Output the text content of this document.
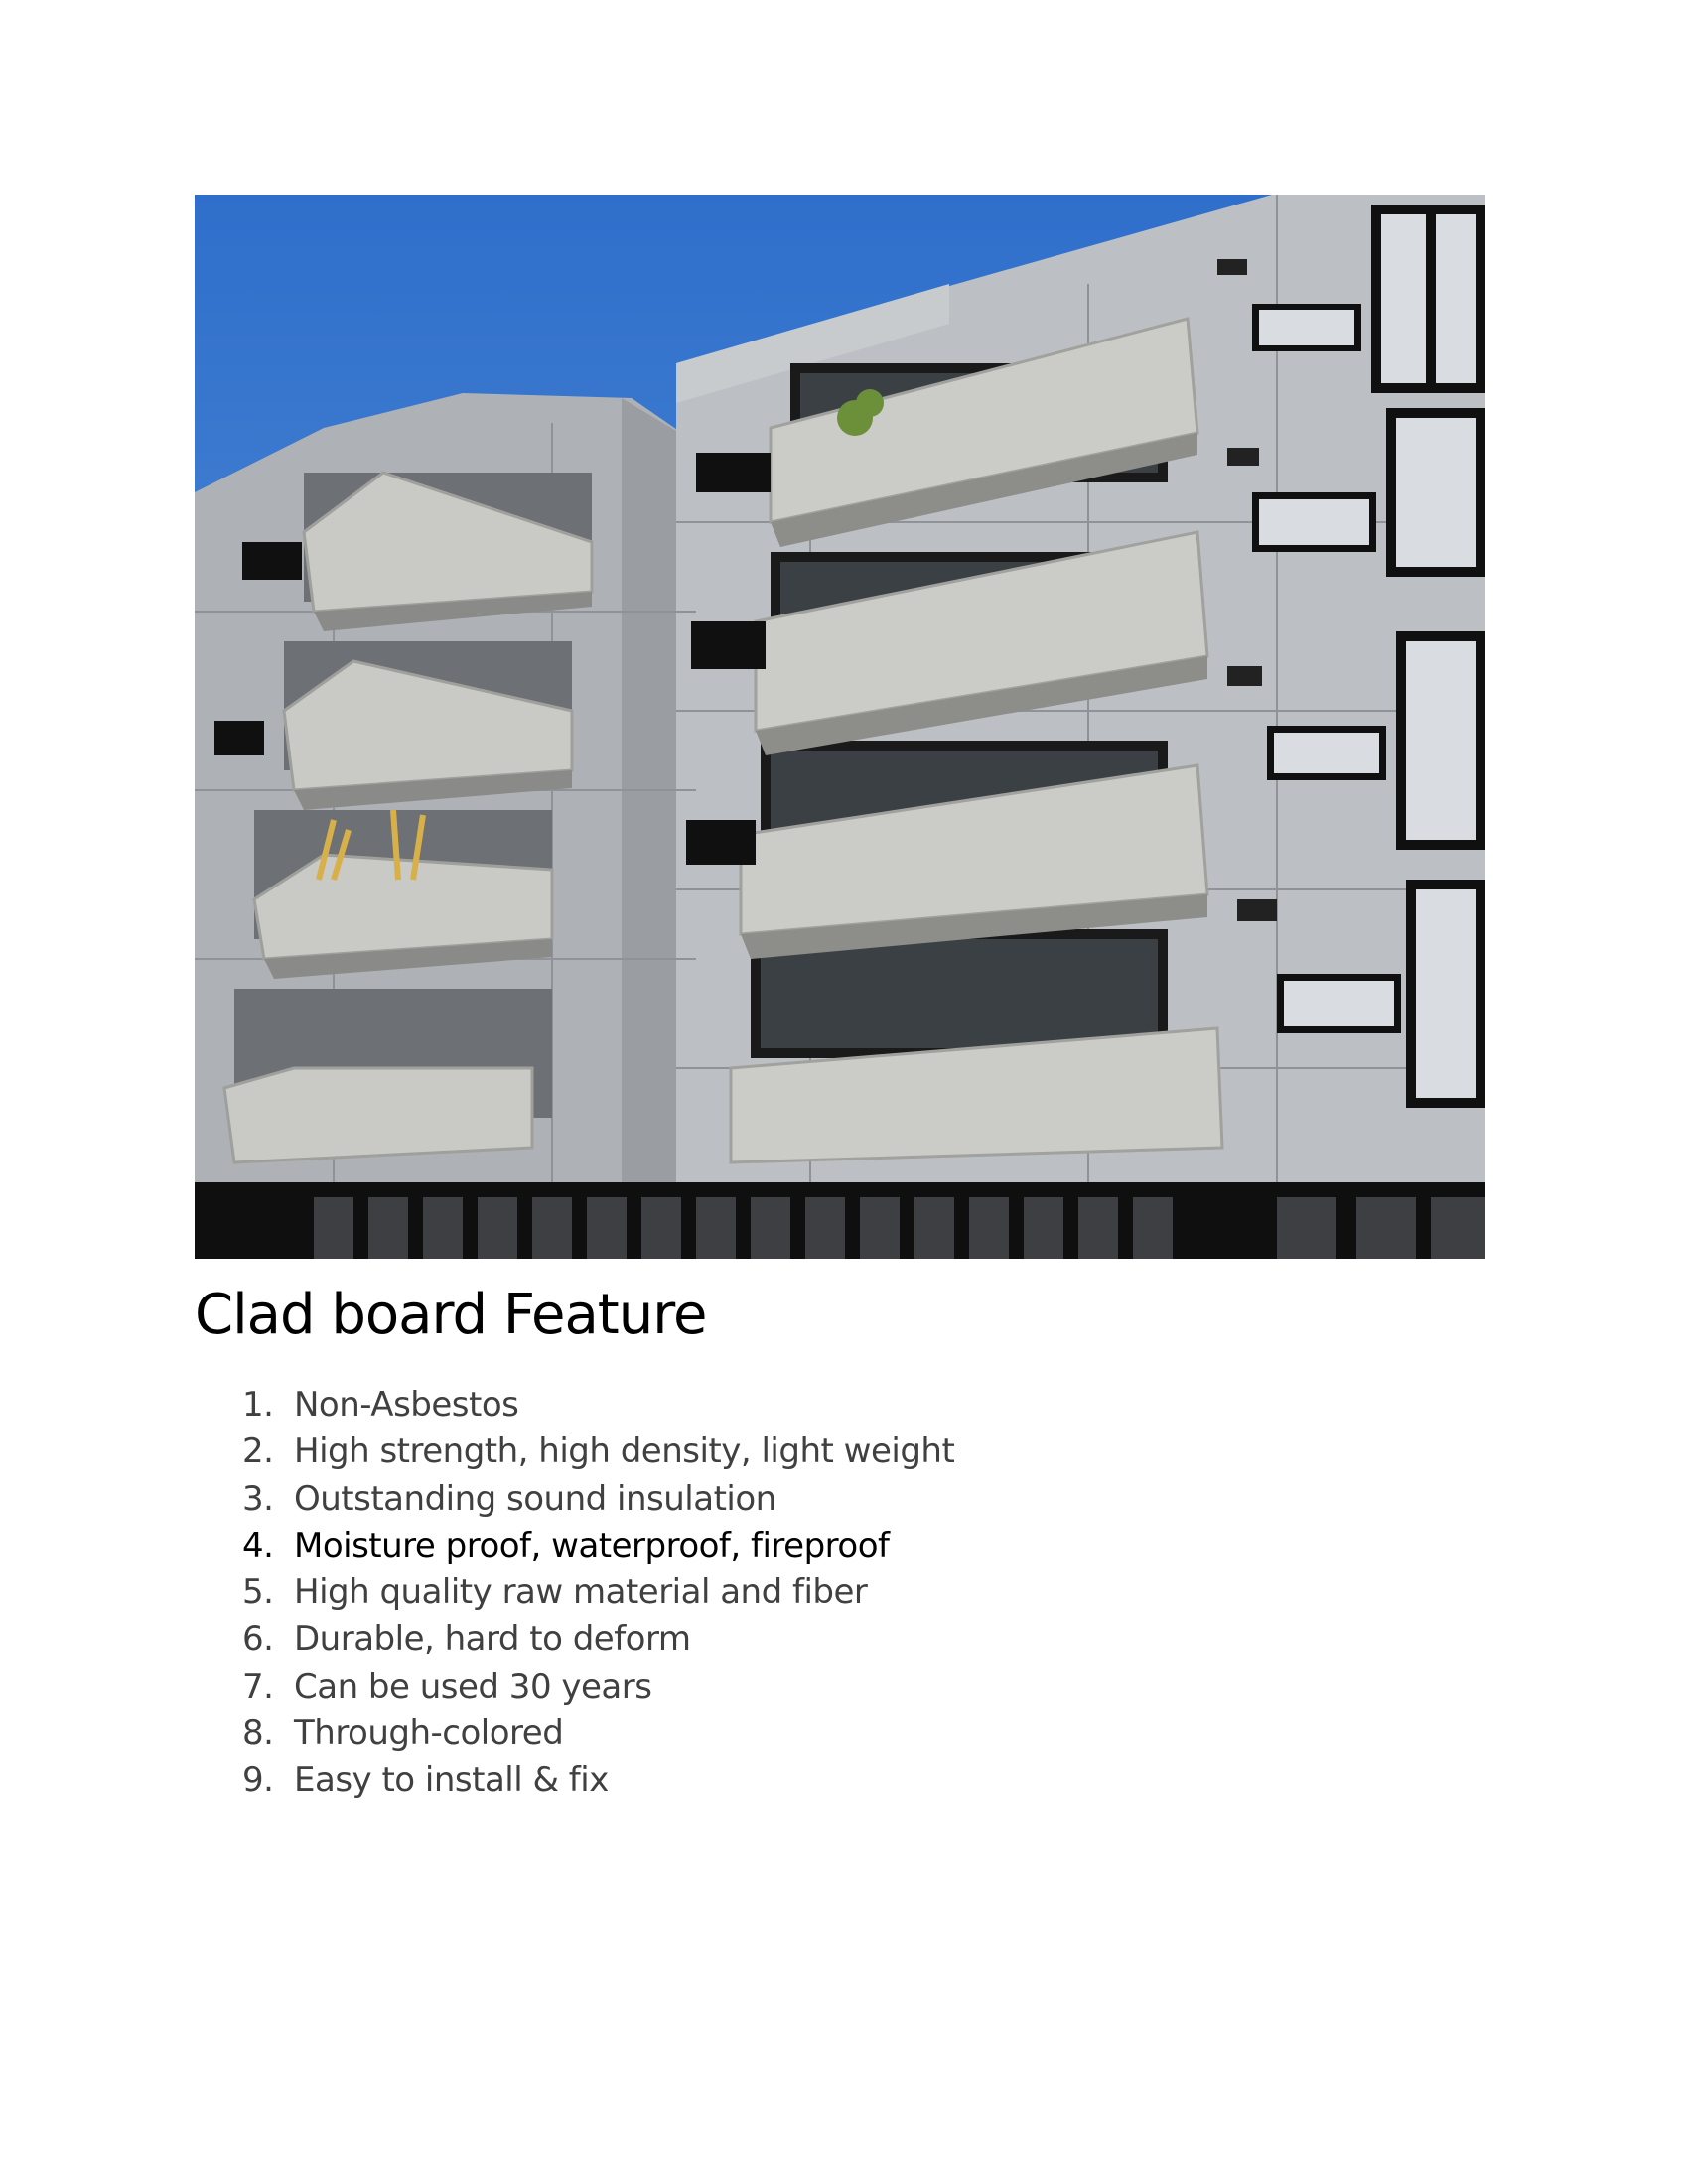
Clad board Feature
1. Non-Asbestos
2. High strength, high density, light weight
3. Outstanding sound insulation
4. Moisture proof, waterproof, fireproof
5. High quality raw material and fiber
6. Durable, hard to deform
7. Can be used 30 years
8. Through-colored
9. Easy to install & fix
